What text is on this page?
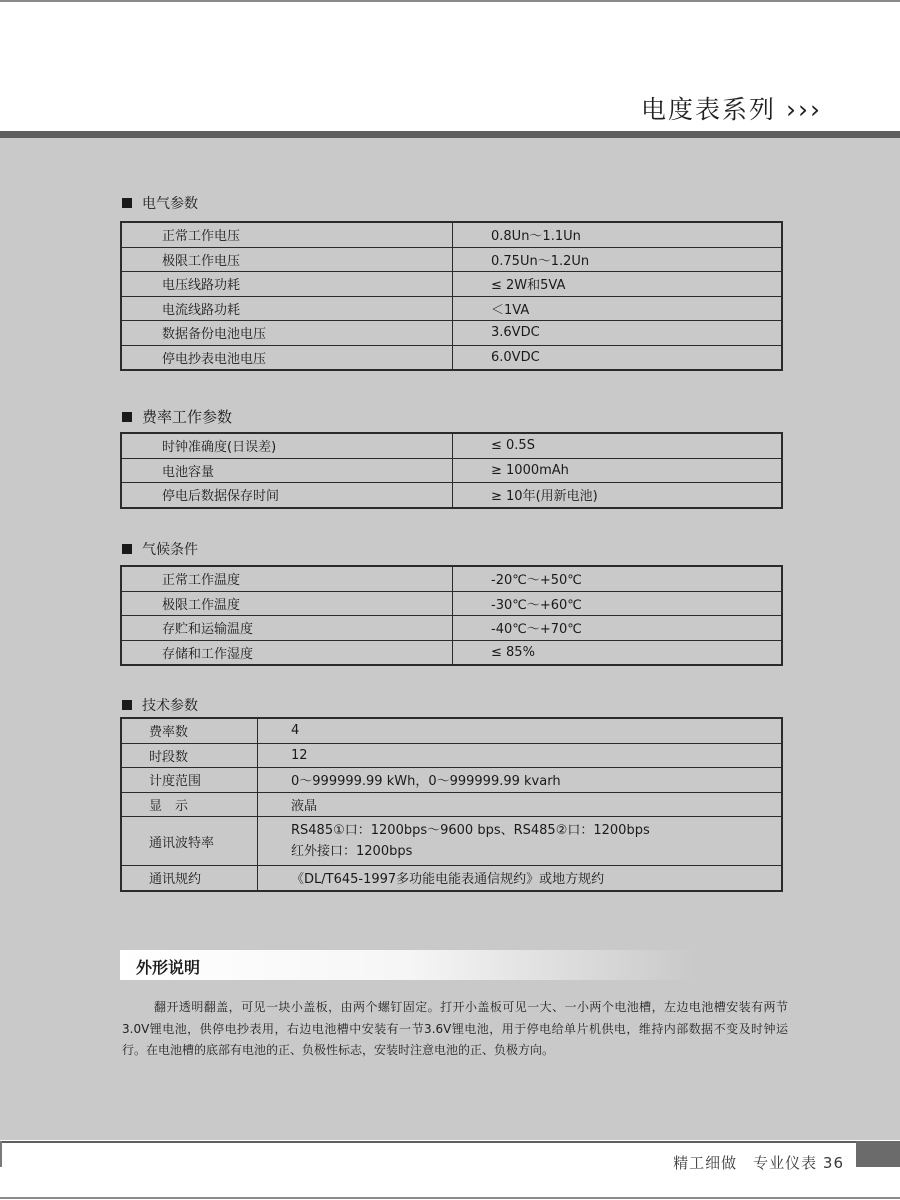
电度表系列 ›››
电气参数
正常工作电压	0.8Un～1.1Un
极限工作电压	0.75Un～1.2Un
电压线路功耗	≤ 2W和5VA
电流线路功耗	＜1VA
数据备份电池电压	3.6VDC
停电抄表电池电压	6.0VDC
费率工作参数
时钟准确度(日误差)	≤ 0.5S
电池容量	≥ 1000mAh
停电后数据保存时间	≥ 10年(用新电池)
气候条件
正常工作温度	-20℃～+50℃
极限工作温度	-30℃～+60℃
存贮和运输温度	-40℃～+70℃
存储和工作湿度	≤ 85%
技术参数
费率数	4
时段数	12
计度范围	0～999999.99 kWh，0～999999.99 kvarh
显　示	液晶
通讯波特率	RS485①口：1200bps～9600 bps、RS485②口：1200bps
红外接口：1200bps

通讯规约	《DL/T645-1997多功能电能表通信规约》或地方规约
外形说明
翻开透明翻盖，可见一块小盖板，由两个螺钉固定。打开小盖板可见一大、一小两个电池槽，左边电池槽安装有两节3.0V锂电池，供停电抄表用，右边电池槽中安装有一节3.6V锂电池，用于停电给单片机供电，维持内部数据不变及时钟运行。在电池槽的底部有电池的正、负极性标志，安装时注意电池的正、负极方向。
精工细做　专业仪表 36
